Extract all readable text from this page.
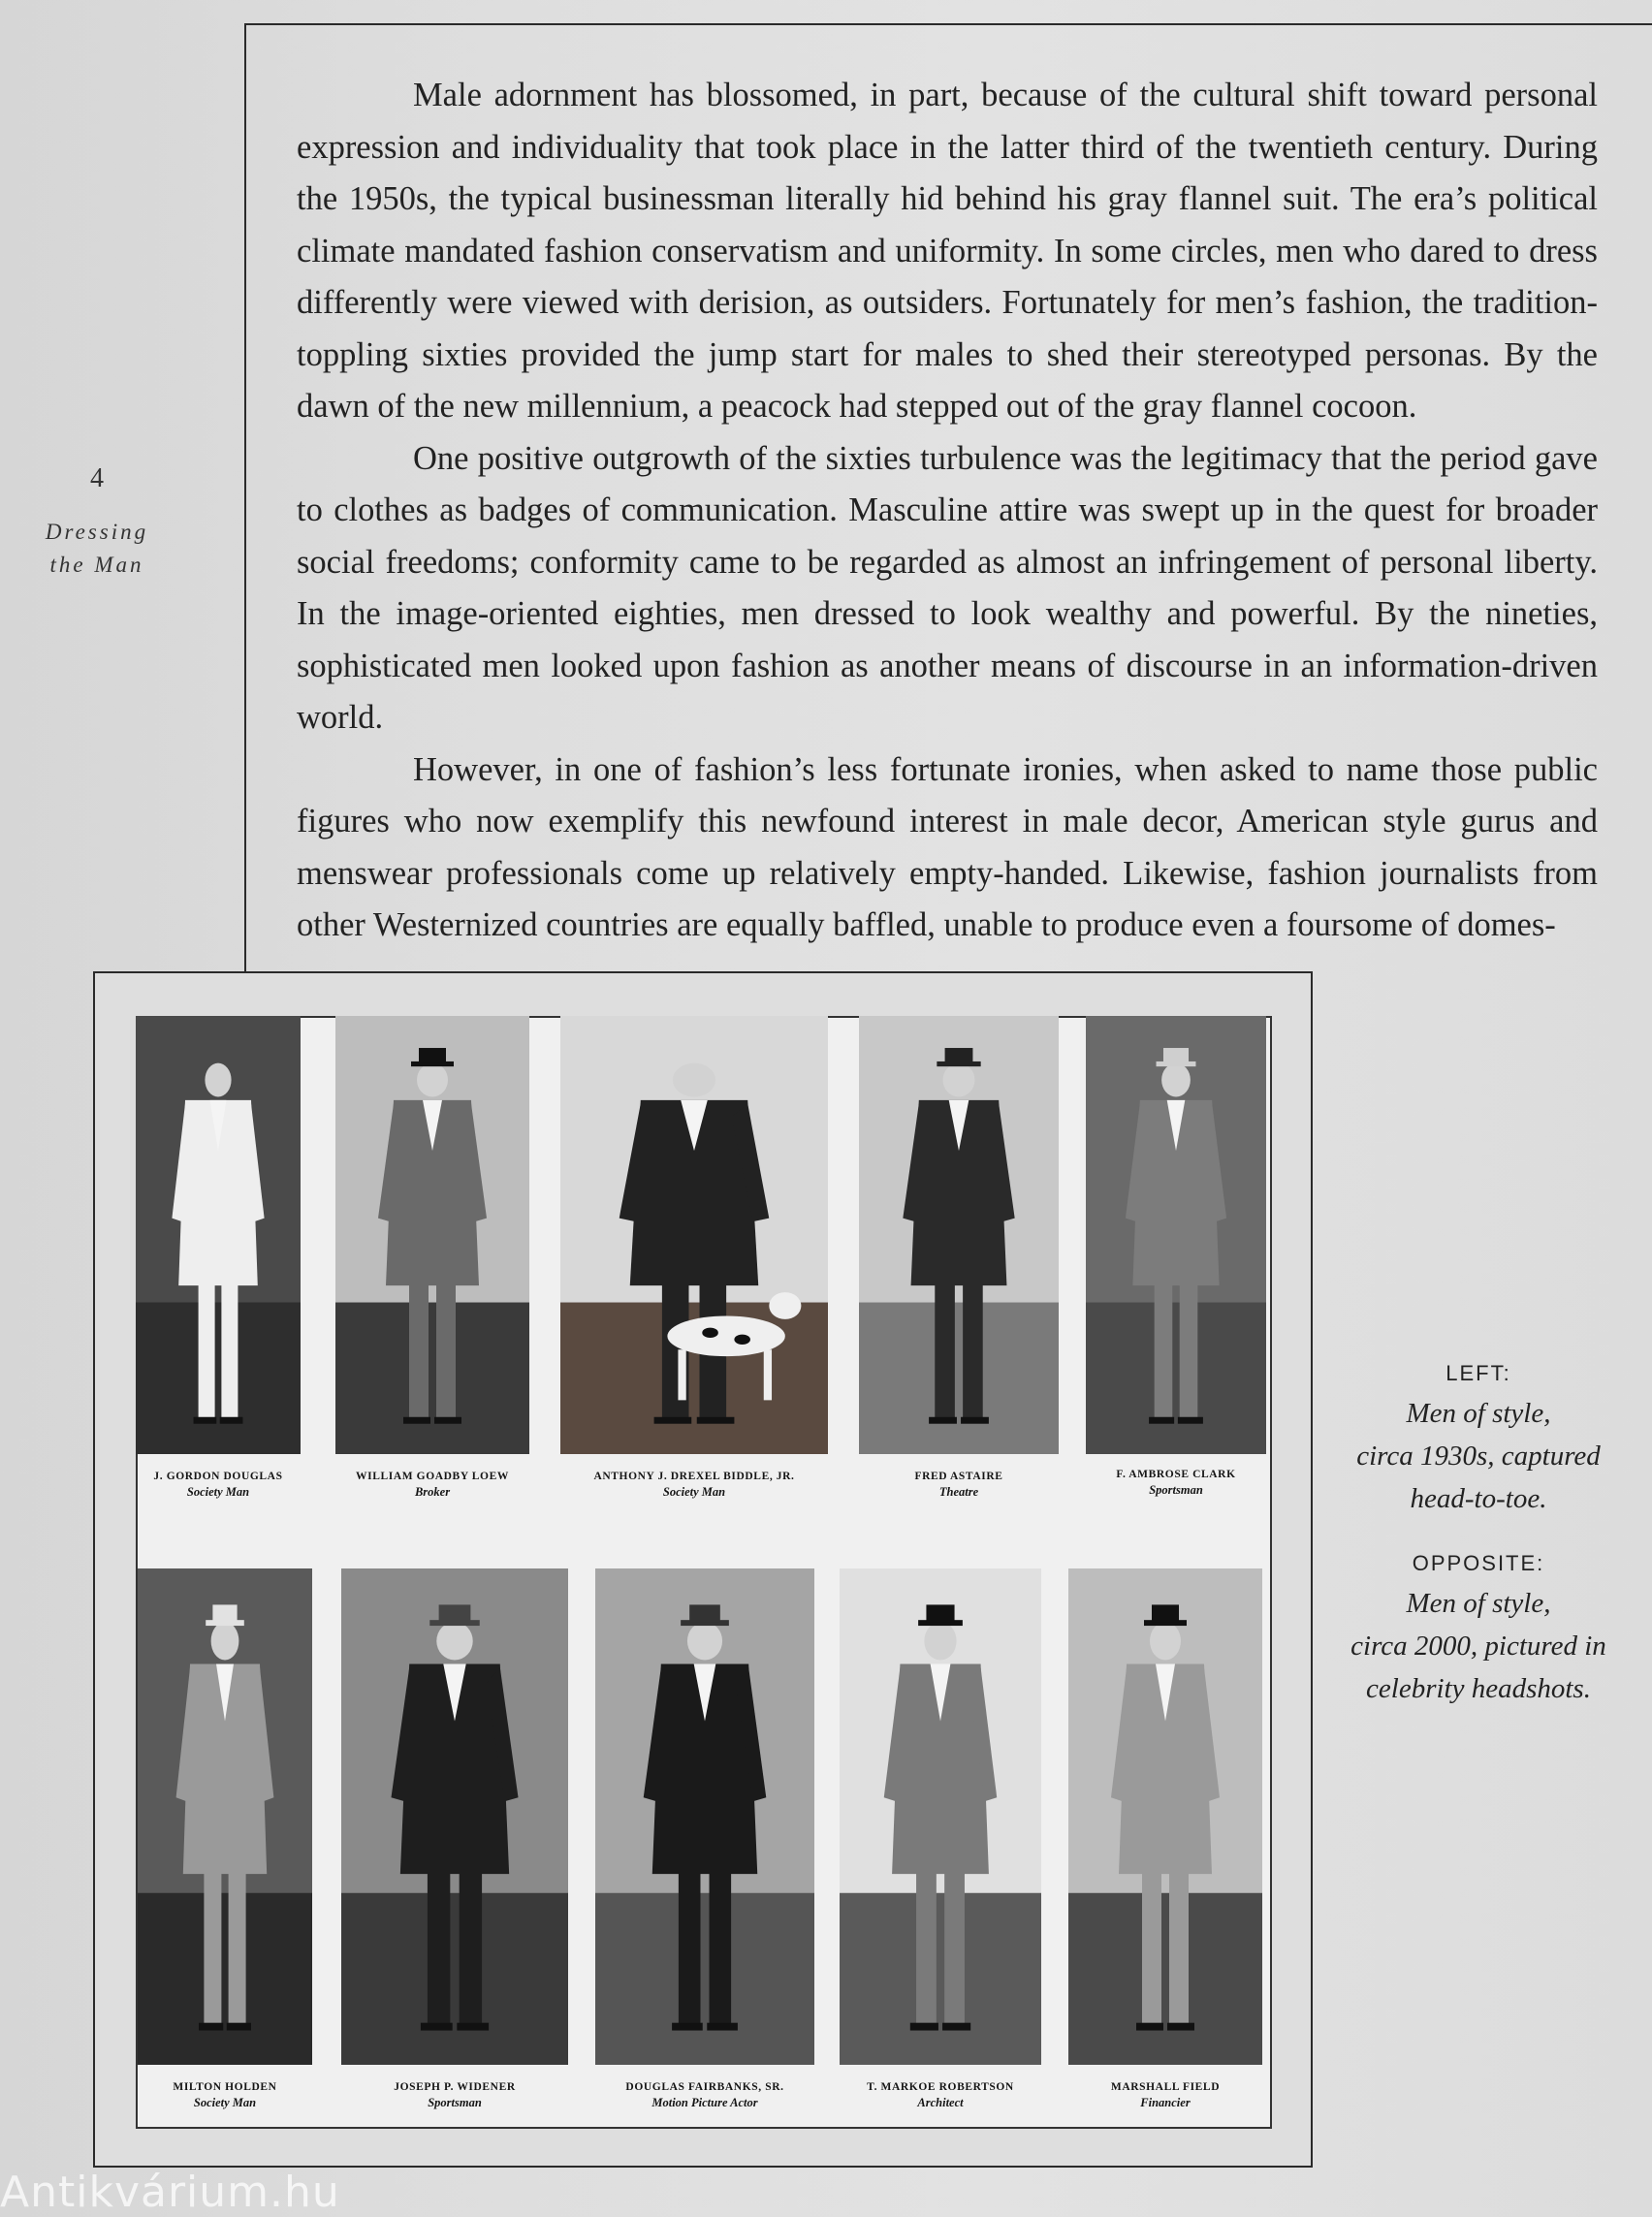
Male adornment has blossomed, in part, because of the cultural shift toward personal expression and individuality that took place in the latter third of the twentieth century. During the 1950s, the typical businessman literally hid behind his gray flannel suit. The era’s political climate mandated fashion conservatism and uniformity. In some circles, men who dared to dress differently were viewed with derision, as outsiders. Fortunately for men’s fashion, the tradition-toppling sixties provided the jump start for males to shed their stereotyped personas. By the dawn of the new millennium, a peacock had stepped out of the gray flannel cocoon.

One positive outgrowth of the sixties turbulence was the legitimacy that the period gave to clothes as badges of communication. Masculine attire was swept up in the quest for broader social freedoms; conformity came to be regarded as almost an infringement of personal liberty. In the image-oriented eighties, men dressed to look wealthy and powerful. By the nineties, sophisticated men looked upon fashion as another means of discourse in an information-driven world.

However, in one of fashion’s less fortunate ironies, when asked to name those public figures who now exemplify this newfound interest in male decor, American style gurus and menswear professionals come up relatively empty-handed. Likewise, fashion journalists from other Westernized countries are equally baffled, unable to produce even a foursome of domes-

4
Dressing
the Man
J. GORDON DOUGLAS
Society Man
WILLIAM GOADBY LOEW
Broker
ANTHONY J. DREXEL BIDDLE, JR.
Society Man
FRED ASTAIRE
Theatre
F. AMBROSE CLARK
Sportsman
MILTON HOLDEN
Society Man
JOSEPH P. WIDENER
Sportsman
DOUGLAS FAIRBANKS, SR.
Motion Picture Actor
T. MARKOE ROBERTSON
Architect
MARSHALL FIELD
Financier
LEFT:
Men of style,
circa 1930s, captured
head-to-toe.
OPPOSITE:
Men of style,
circa 2000, pictured in
celebrity headshots.
Antikvárium.hu
